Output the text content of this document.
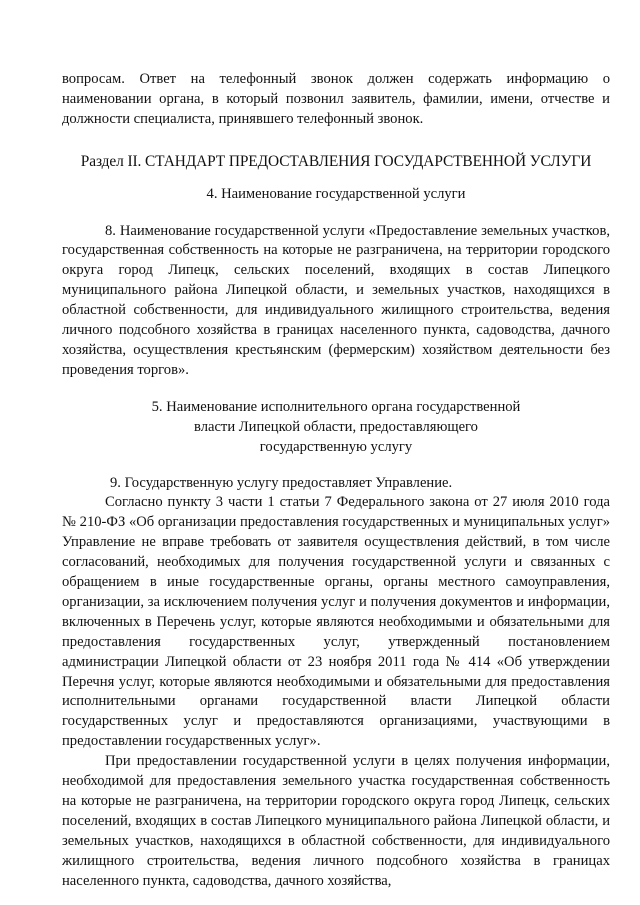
вопросам. Ответ на телефонный звонок должен содержать информацию о наименовании органа, в который позвонил заявитель, фамилии, имени, отчестве и должности специалиста, принявшего телефонный звонок.

Раздел II. СТАНДАРТ ПРЕДОСТАВЛЕНИЯ ГОСУДАРСТВЕННОЙ УСЛУГИ

4. Наименование государственной услуги

8. Наименование государственной услуги «Предоставление земельных участков, государственная собственность на которые не разграничена, на территории городского округа город Липецк, сельских поселений, входящих в состав Липецкого муниципального района Липецкой области, и земельных участков, находящихся в областной собственности, для индивидуального жилищного строительства, ведения личного подсобного хозяйства в границах населенного пункта, садоводства, дачного хозяйства, осуществления крестьянским (фермерским) хозяйством деятельности без проведения торгов».

5. Наименование исполнительного органа государственной

власти Липецкой области, предоставляющего

государственную услугу

9. Государственную услугу предоставляет Управление.

Согласно пункту 3 части 1 статьи 7 Федерального закона от 27 июля 2010 года № 210-ФЗ «Об организации предоставления государственных и муниципальных услуг» Управление не вправе требовать от заявителя осуществления действий, в том числе согласований, необходимых для получения государственной услуги и связанных с обращением в иные государственные органы, органы местного самоуправления, организации, за исключением получения услуг и получения документов и информации, включенных в Перечень услуг, которые являются необходимыми и обязательными для предоставления государственных услуг, утвержденный постановлением администрации Липецкой области от 23 ноября 2011 года № 414 «Об утверждении Перечня услуг, которые являются необходимыми и обязательными для предоставления исполнительными органами государственной власти Липецкой области государственных услуг и предоставляются организациями, участвующими в предоставлении государственных услуг».

При предоставлении государственной услуги в целях получения информации, необходимой для предоставления земельного участка государственная собственность на которые не разграничена, на территории городского округа город Липецк, сельских поселений, входящих в состав Липецкого муниципального района Липецкой области, и земельных участков, находящихся в областной собственности, для индивидуального жилищного строительства, ведения личного подсобного хозяйства в границах населенного пункта, садоводства, дачного хозяйства,
